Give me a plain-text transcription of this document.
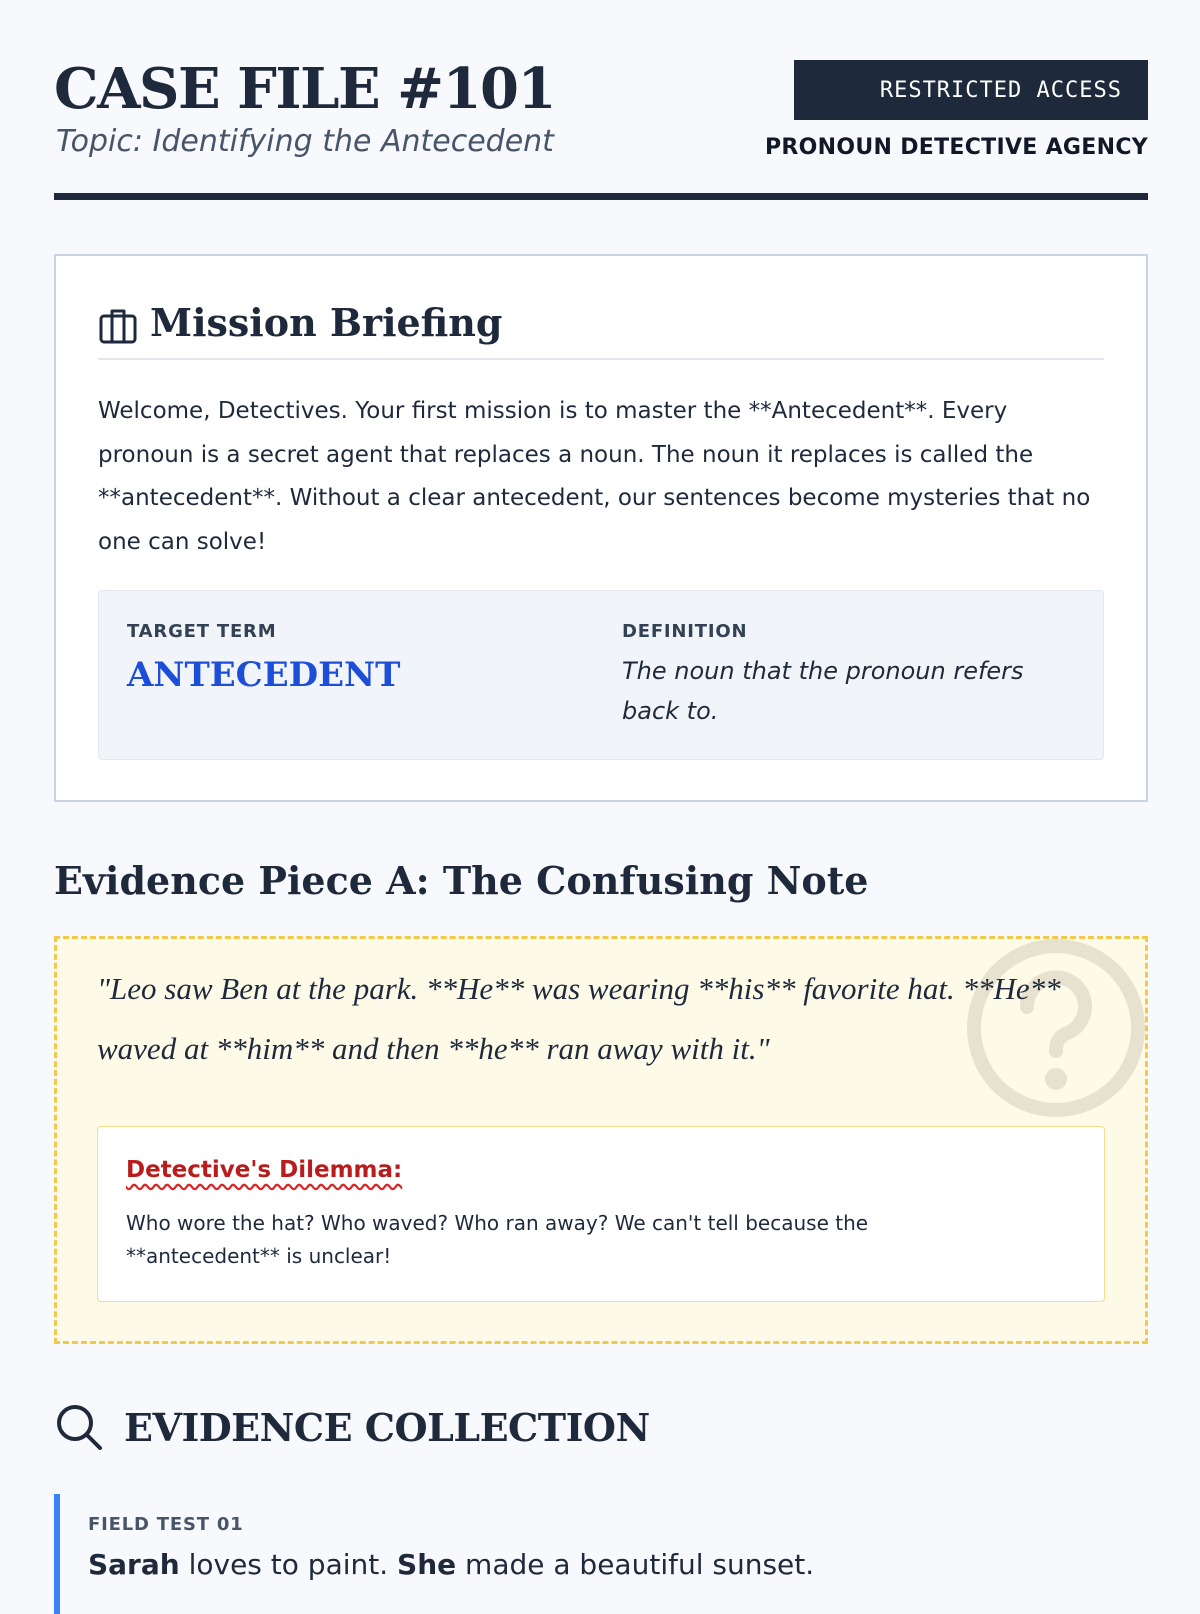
CASE FILE #101

Topic: Identifying the Antecedent

RESTRICTED ACCESS
PRONOUN DETECTIVE AGENCY
Mission Briefing

Welcome, Detectives. Your first mission is to master the **Antecedent**. Every pronoun is a secret agent that replaces a noun. The noun it replaces is called the **antecedent**. Without a clear antecedent, our sentences become mysteries that no one can solve!

TARGET TERM
ANTECEDENT
DEFINITION
The noun that the pronoun refers back to.
Evidence Piece A: The Confusing Note

"Leo saw Ben at the park. **He** was wearing **his** favorite hat. **He** waved at **him** and then **he** ran away with it."

Detective's Dilemma:

Who wore the hat? Who waved? Who ran away? We can't tell because the **antecedent** is unclear!

EVIDENCE COLLECTION
FIELD TEST 01

Sarah loves to paint. She made a beautiful sunset.
